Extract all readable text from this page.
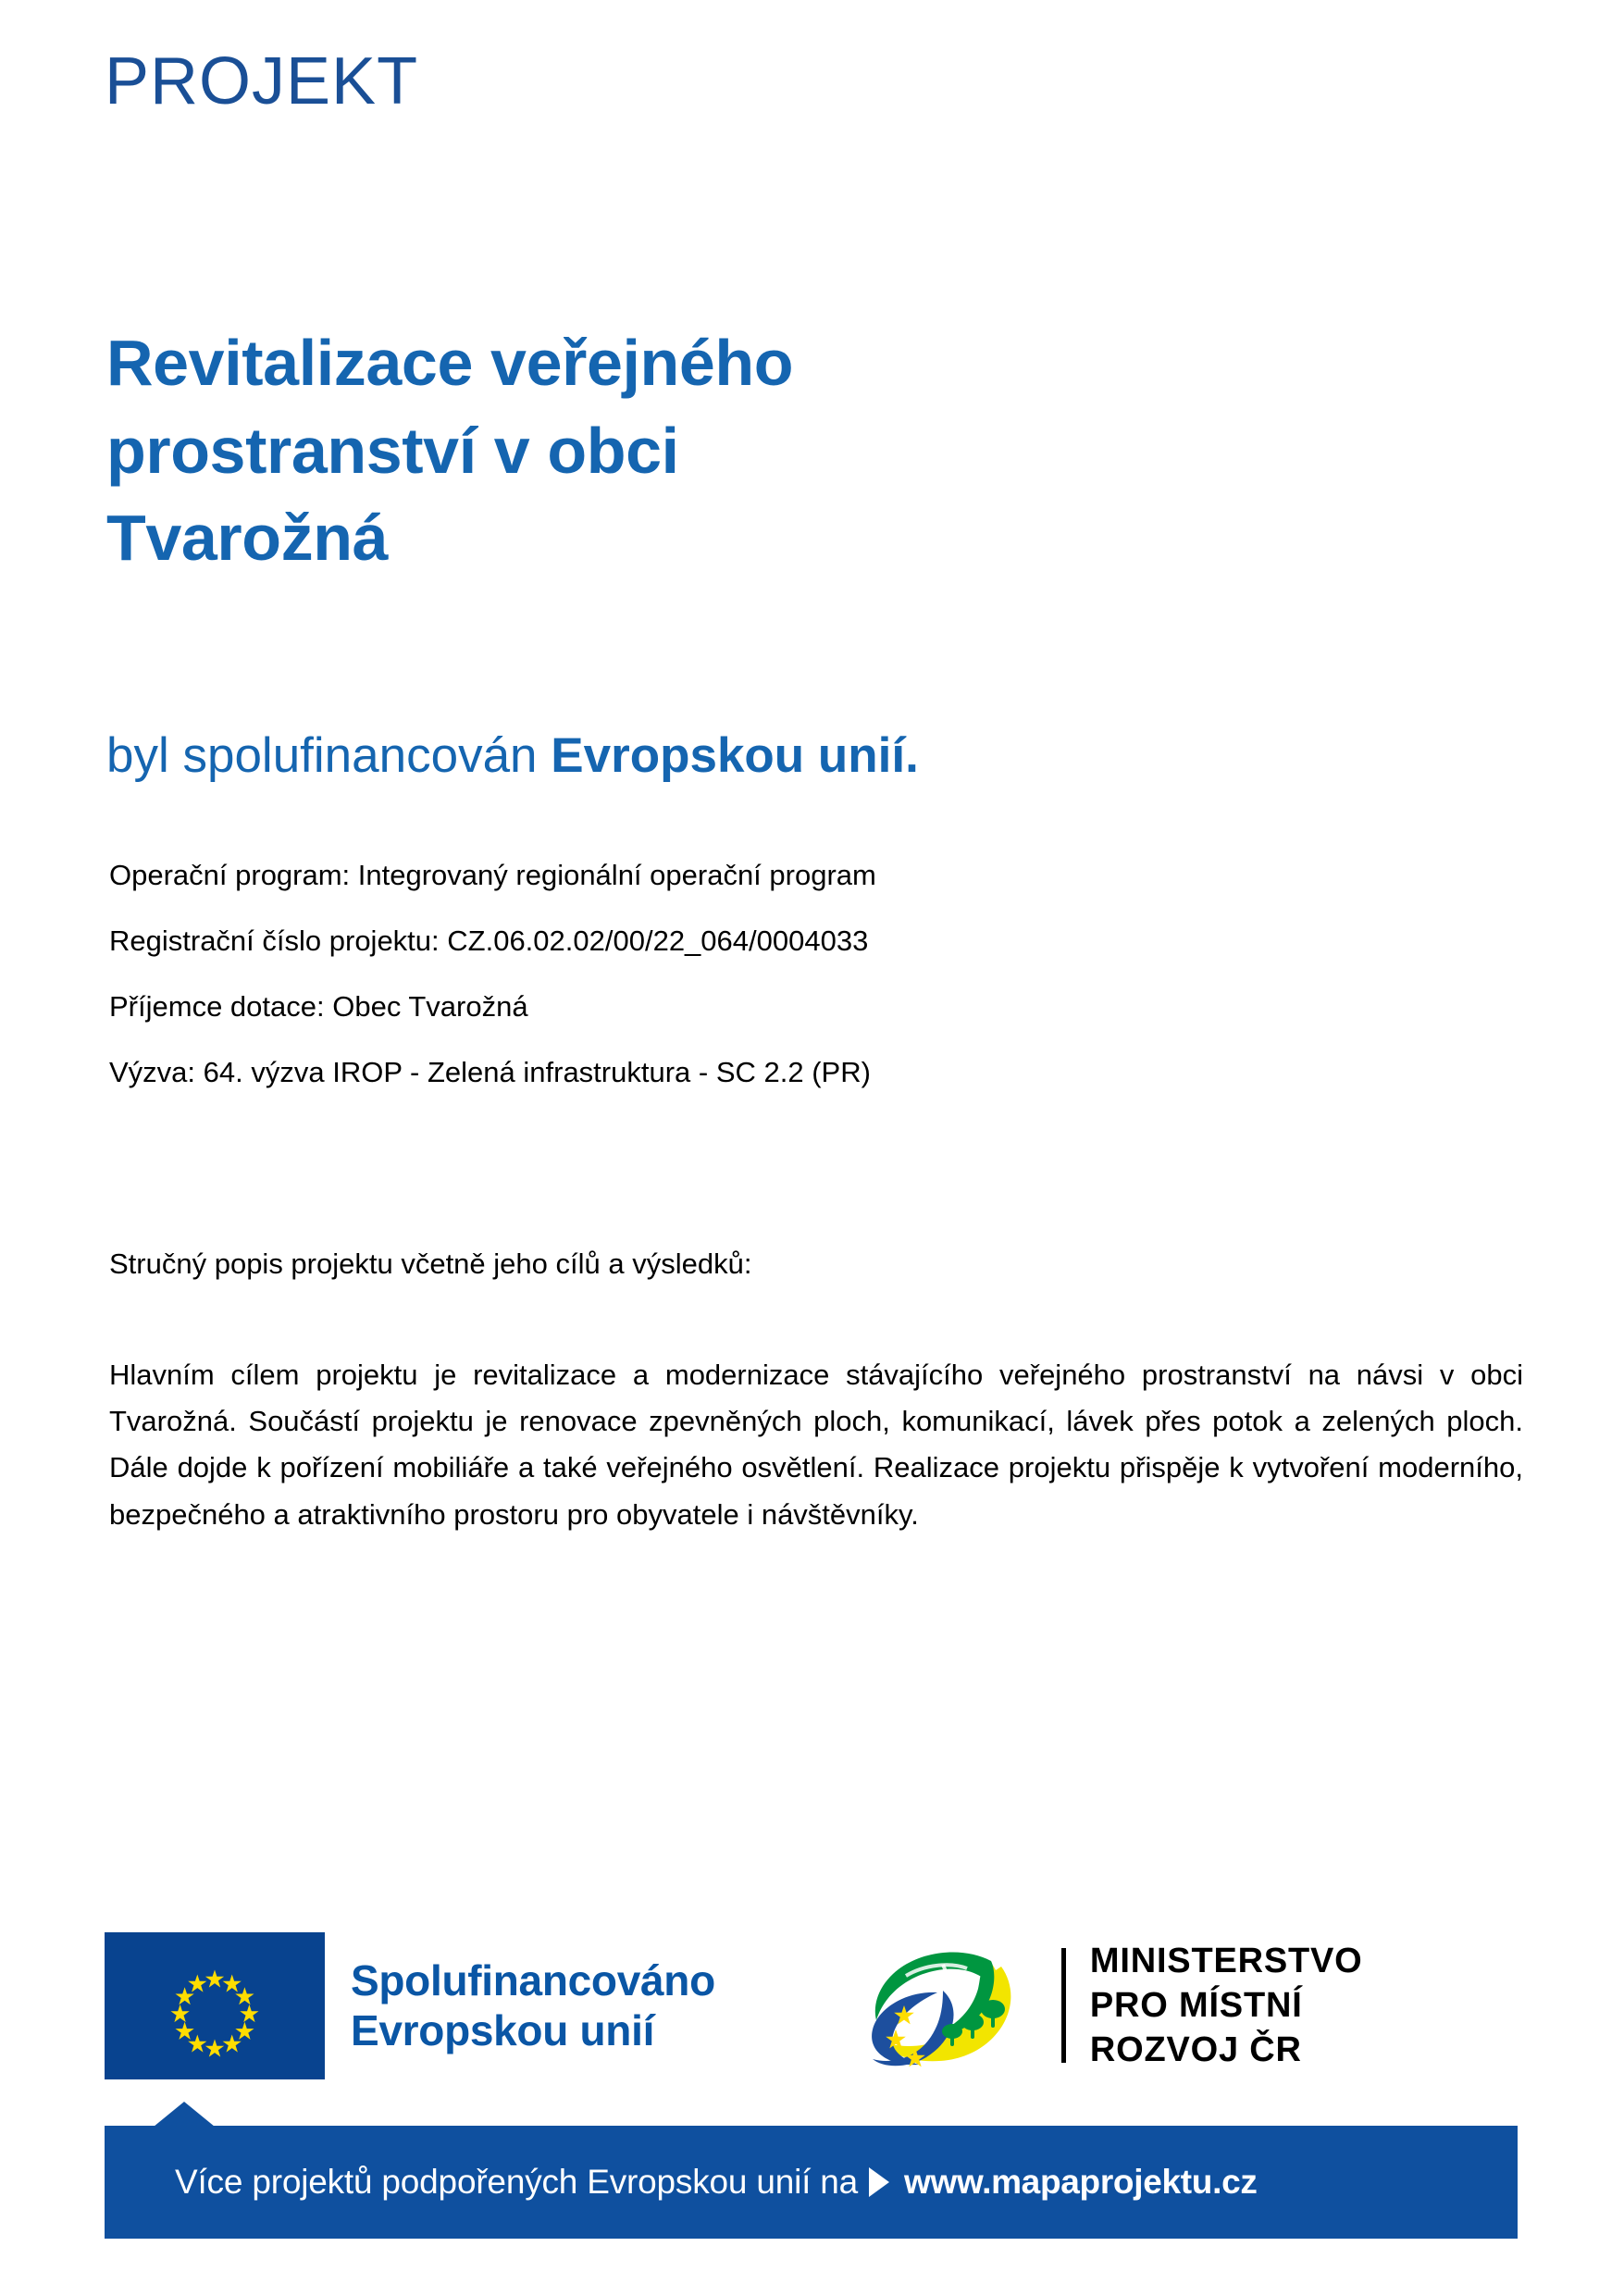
PROJEKT
Revitalizace veřejného
prostranství v obci
Tvarožná
byl spolufinancován Evropskou unií.

Operační program: Integrovaný regionální operační program

Registrační číslo projektu: CZ.06.02.02/00/22_064/0004033

Příjemce dotace: Obec Tvarožná

Výzva: 64. výzva IROP - Zelená infrastruktura - SC 2.2 (PR)

Stručný popis projektu včetně jeho cílů a výsledků:
Hlavním cílem projektu je revitalizace a modernizace stávajícího veřejného prostranství na návsi v obci Tvarožná. Součástí projektu je renovace zpevněných ploch, komunikací, lávek přes potok a zelených ploch. Dále dojde k pořízení mobiliáře a také veřejného osvětlení. Realizace projektu přispěje k vytvoření moderního, bezpečného a atraktivního prostoru pro obyvatele i návštěvníky.
Spolufinancováno
Evropskou unií
MINISTERSTVO
PRO MÍSTNÍ
ROZVOJ ČR
Více projektů podpořených Evropskou unií na www.mapaprojektu.cz
